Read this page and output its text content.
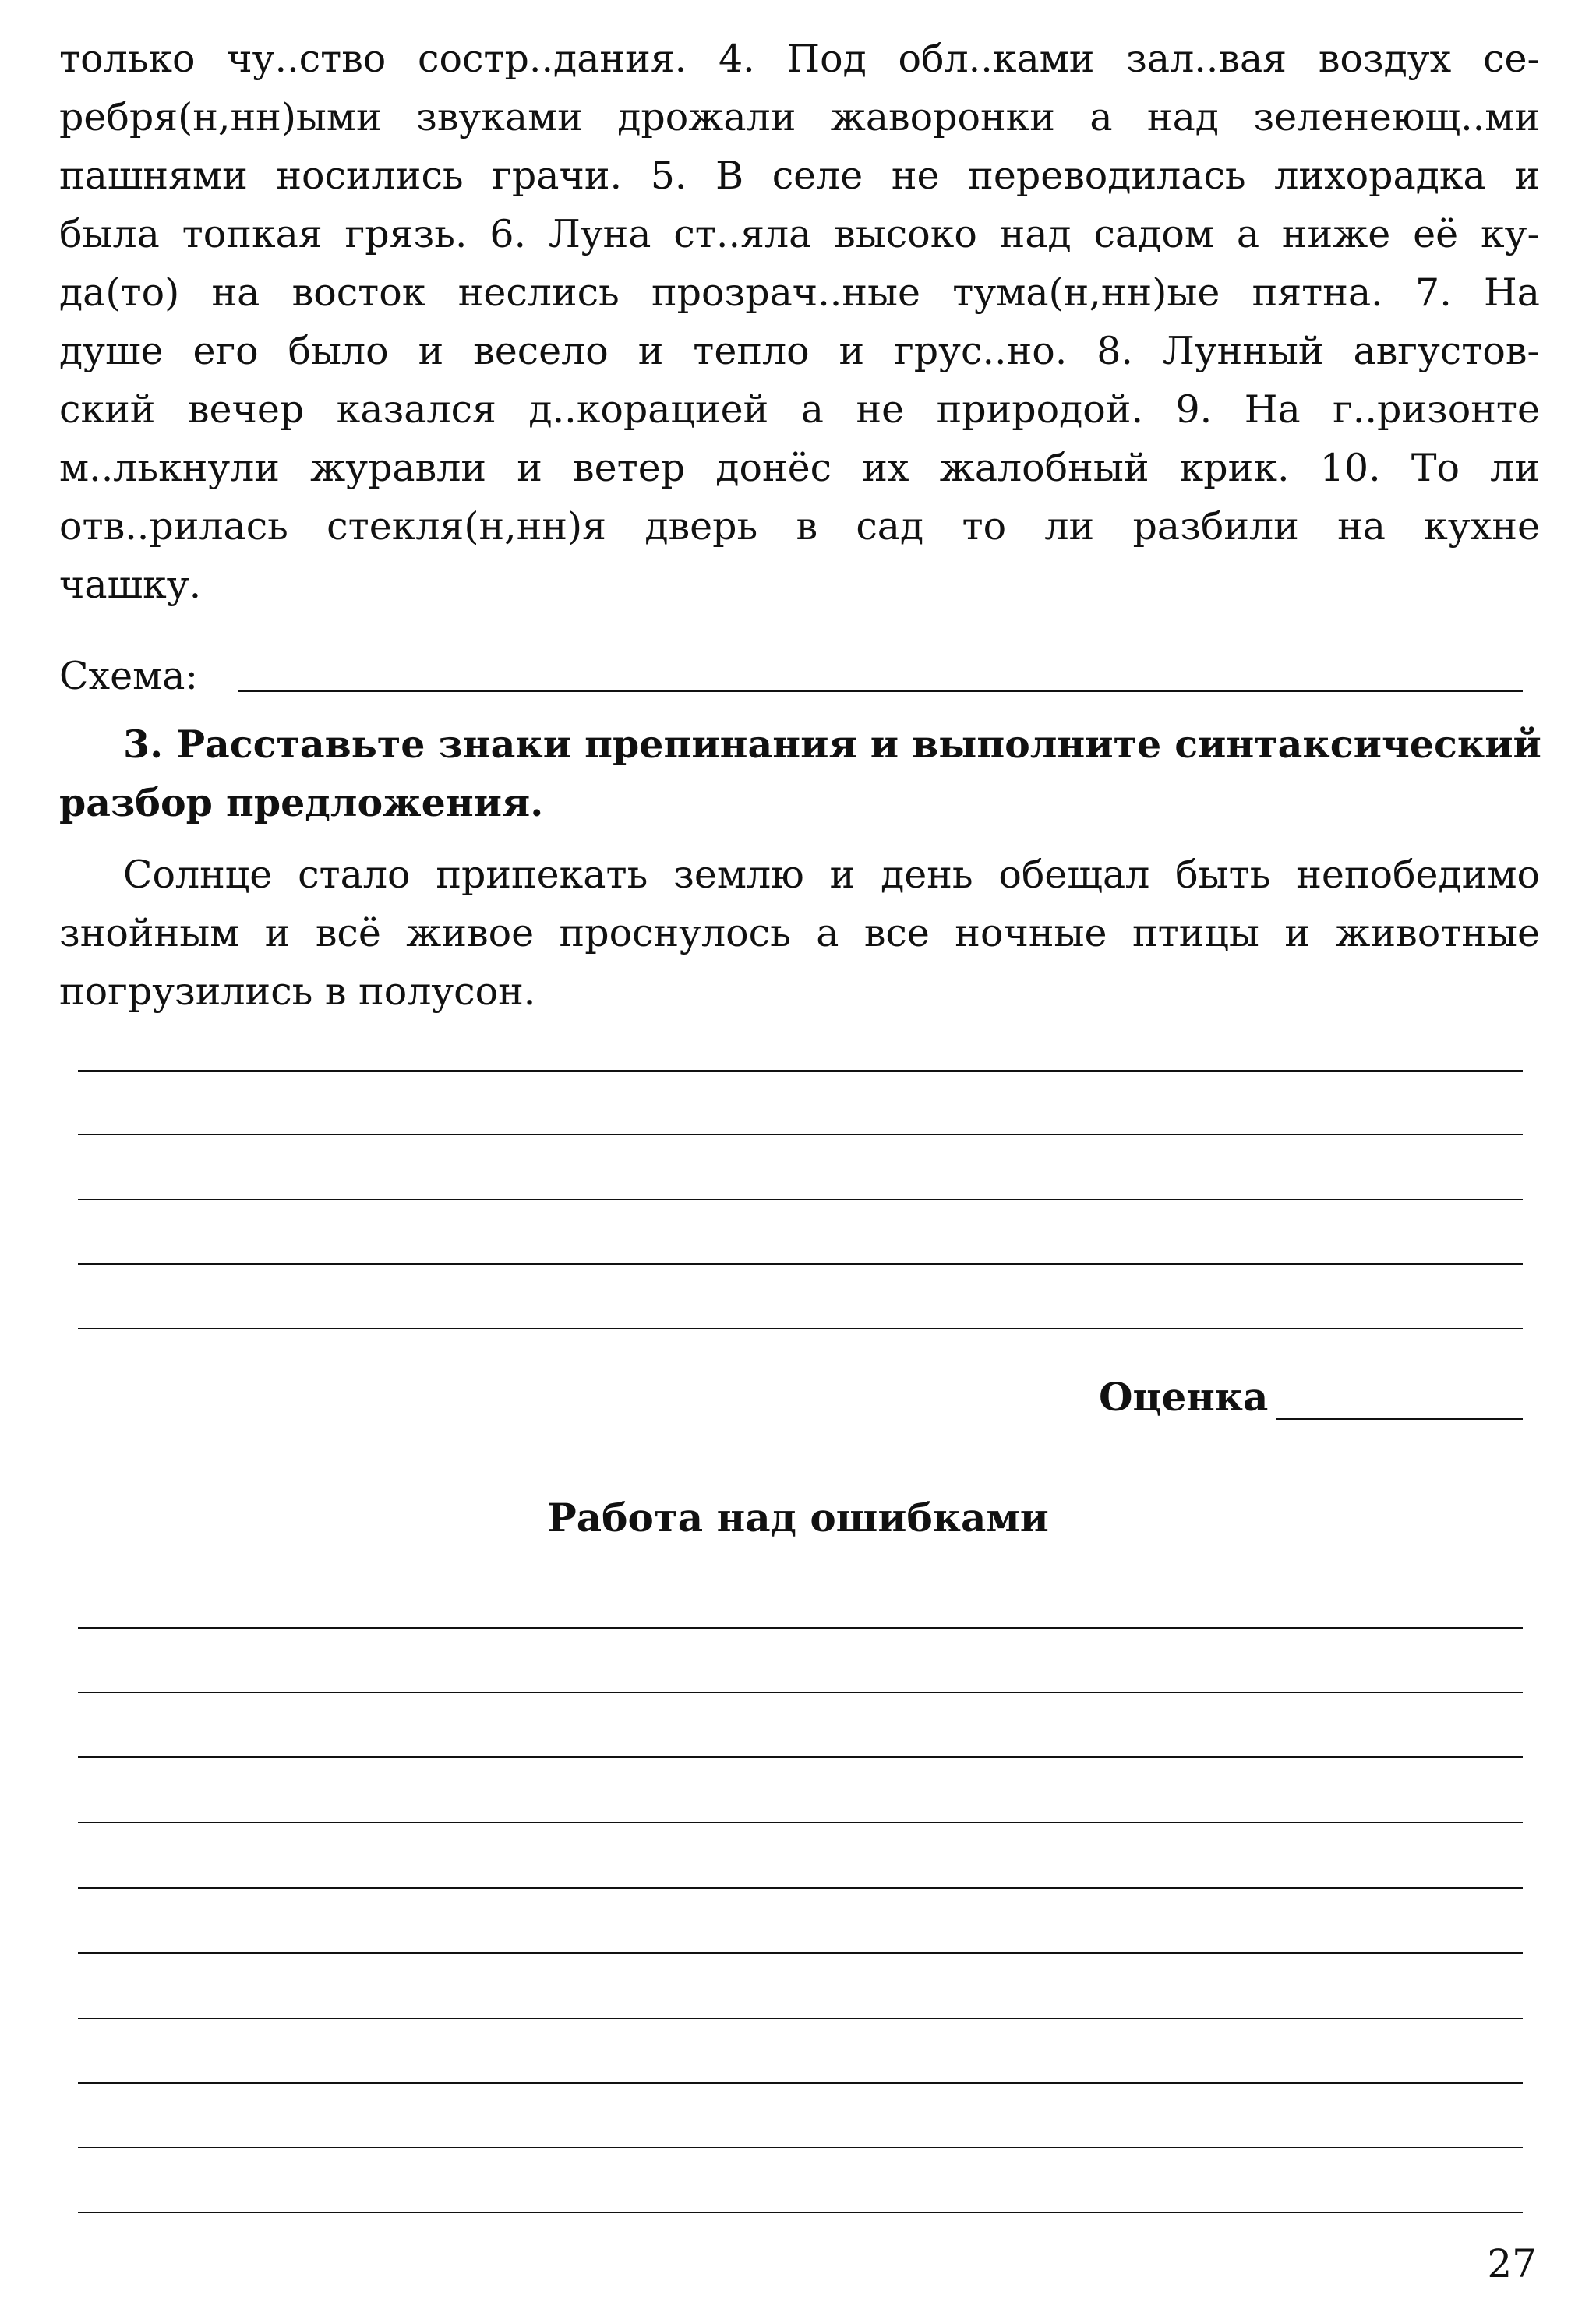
только чу..ство состр..дания. 4. Под обл..ками зал..вая воздух се-
ребря(н,нн)ыми звуками дрожали жаворонки а над зеленеющ..ми
пашнями носились грачи. 5. В селе не переводилась лихорадка и
была топкая грязь. 6. Луна ст..яла высоко над садом а ниже её ку-
да(то) на восток неслись прозрач..ные тума(н,нн)ые пятна. 7. На
душе его было и весело и тепло и грус..но. 8. Лунный августов-
ский вечер казался д..корацией а не природой. 9. На г..ризонте
м..лькнули журавли и ветер донёс их жалобный крик. 10. То ли
отв..рилась стекля(н,нн)я дверь в сад то ли разбили на кухне
чашку.
Схема:
3. Расставьте знаки препинания и выполните синтаксический
разбор предложения.
Солнце стало припекать землю и день обещал быть непобедимо
знойным и всё живое проснулось а все ночные птицы и животные
погрузились в полусон.
Оценка
Работа над ошибками
27
